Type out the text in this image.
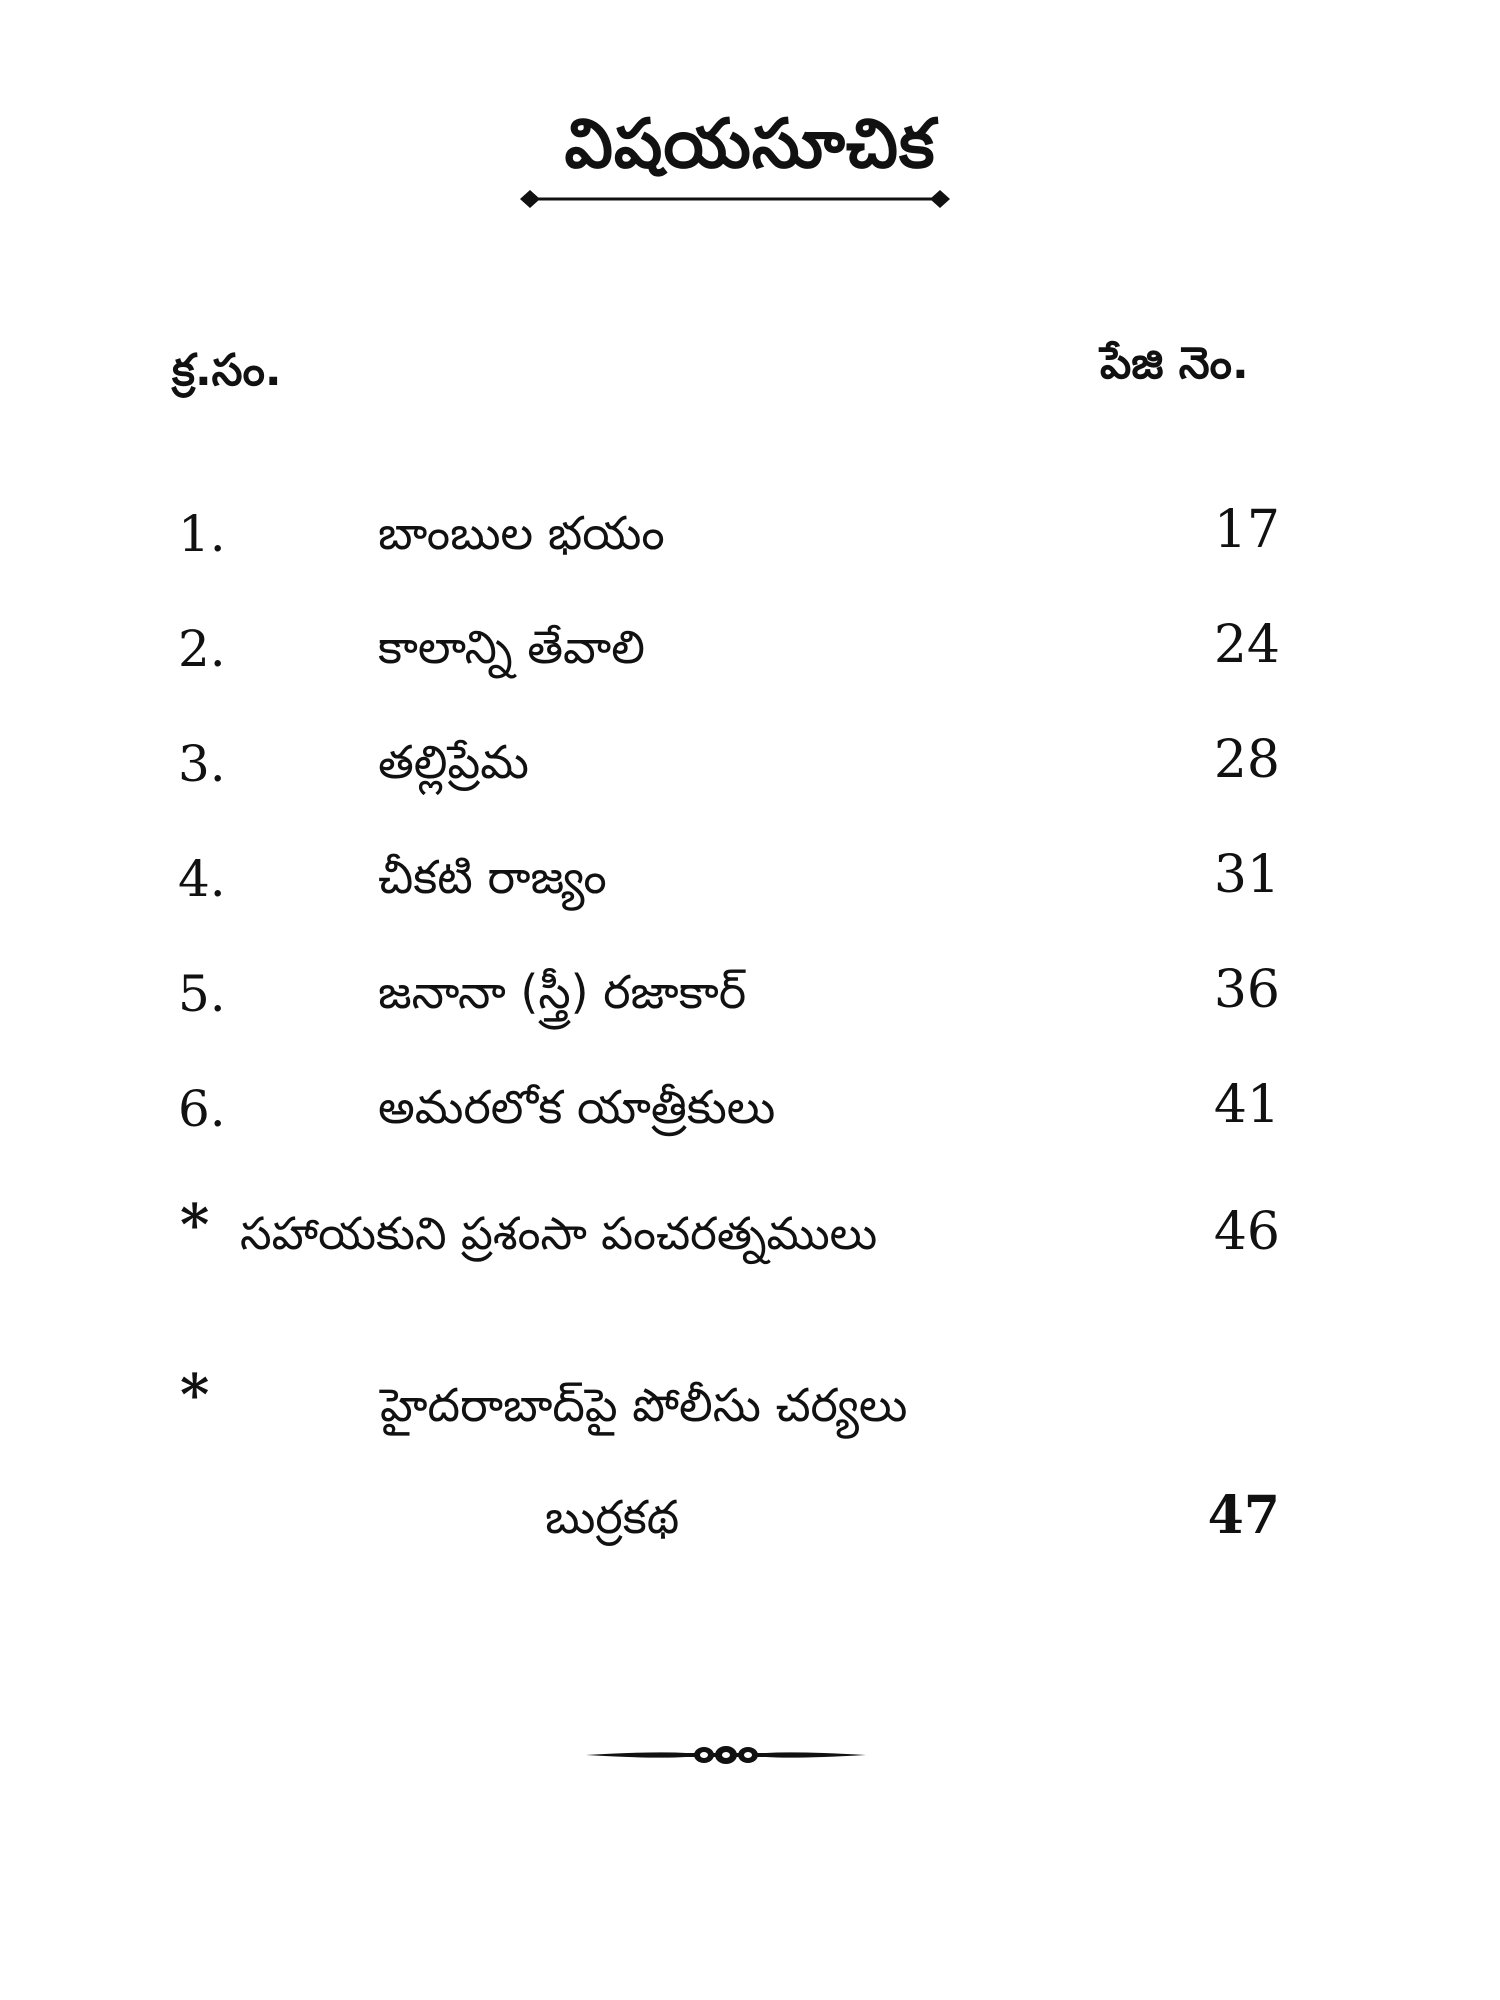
విషయసూచిక
క్ర.సం.	పేజి నెం.
1.	బాంబుల భయం	17
2.	కాలాన్ని తేవాలి	24
3.	తల్లిప్రేమ	28
4.	చీకటి రాజ్యం	31
5.	జనానా (స్త్రీ) రజాకార్	36
6.	అమరలోక యాత్రీకులు	41
* సహాయకుని ప్రశంసా పంచరత్నములు	46
*	హైదరాబాద్‌పై పోలీసు చర్యలు
బుర్రకథ	47
